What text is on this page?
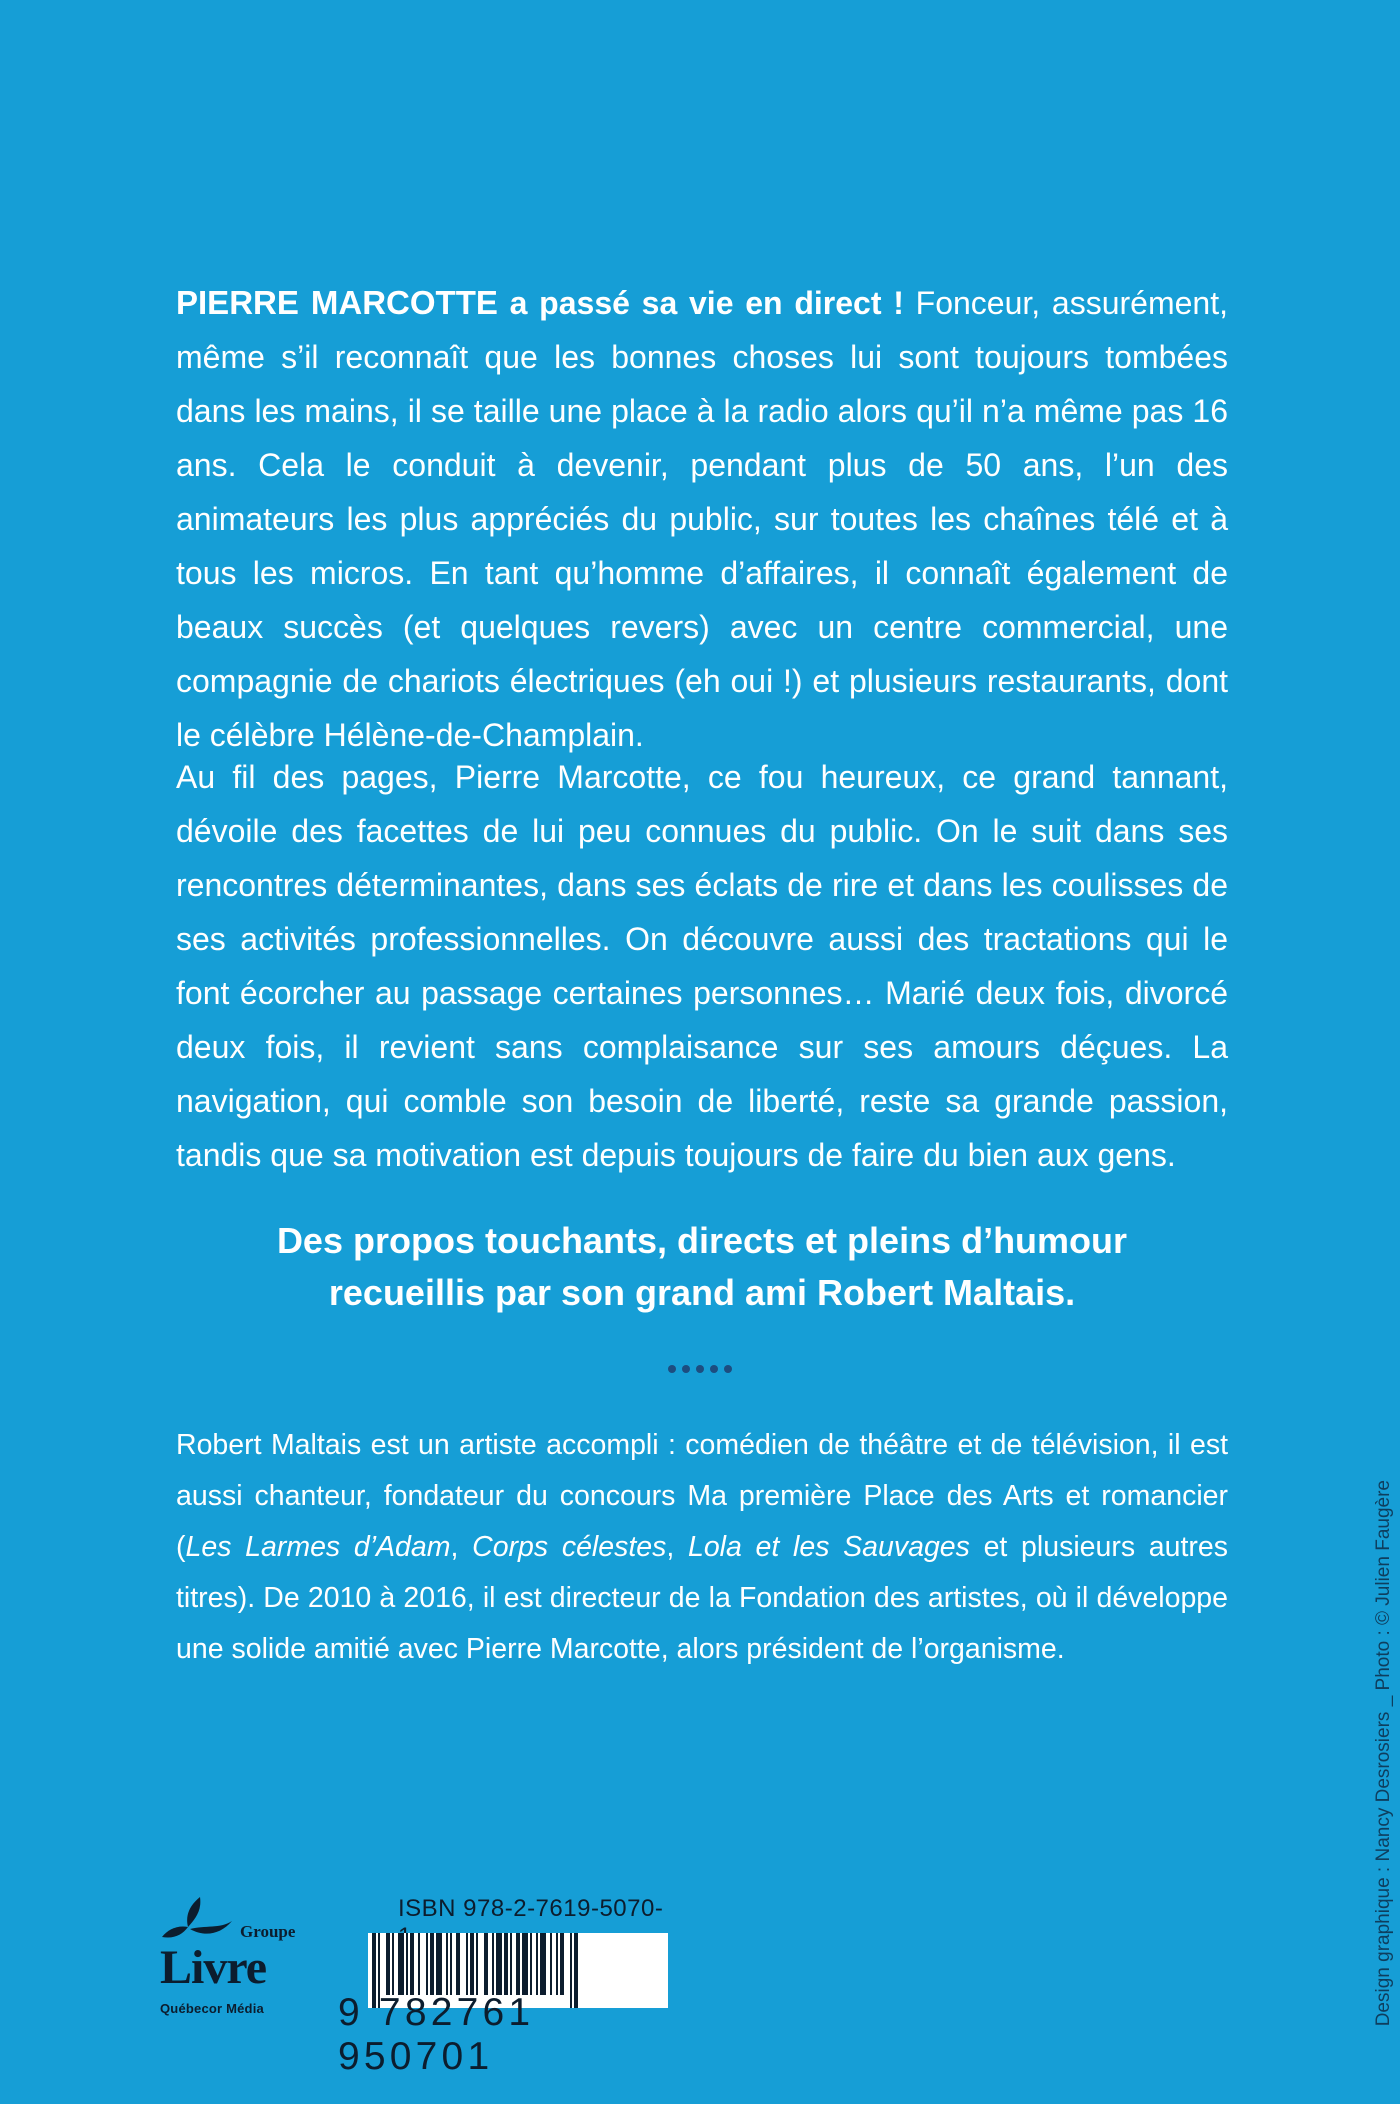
PIERRE MARCOTTE a passé sa vie en direct ! Fonceur, assurément, même s’il reconnaît que les bonnes choses lui sont toujours tombées dans les mains, il se taille une place à la radio alors qu’il n’a même pas 16 ans. Cela le conduit à devenir, pendant plus de 50 ans, l’un des animateurs les plus appréciés du public, sur toutes les chaînes télé et à tous les micros. En tant qu’homme d’affaires, il connaît également de beaux succès (et quelques revers) avec un centre commercial, une compagnie de chariots électriques (eh oui !) et plusieurs restaurants, dont le célèbre Hélène-de-Champlain.

Au fil des pages, Pierre Marcotte, ce fou heureux, ce grand tannant, dévoile des facettes de lui peu connues du public. On le suit dans ses rencontres déterminantes, dans ses éclats de rire et dans les coulisses de ses activités professionnelles. On découvre aussi des tractations qui le font écorcher au passage certaines personnes… Marié deux fois, divorcé deux fois, il revient sans complaisance sur ses amours déçues. La navigation, qui comble son besoin de liberté, reste sa grande passion, tandis que sa motivation est depuis toujours de faire du bien aux gens.

Des propos touchants, directs et pleins d’humour
recueillis par son grand ami Robert Maltais.

Robert Maltais est un artiste accompli : comédien de théâtre et de télévision, il est aussi chanteur, fondateur du concours Ma première Place des Arts et romancier (Les Larmes d’Adam, Corps célestes, Lola et les Sauvages et plusieurs autres titres). De 2010 à 2016, il est directeur de la Fondation des artistes, où il développe une solide amitié avec Pierre Marcotte, alors président de l’organisme.	Design graphique : Nancy Desrosiers _ Photo : © Julien Faugère
Groupe
Livre
Québecor Média
ISBN 978-2-7619-5070-
9 782761 950701
